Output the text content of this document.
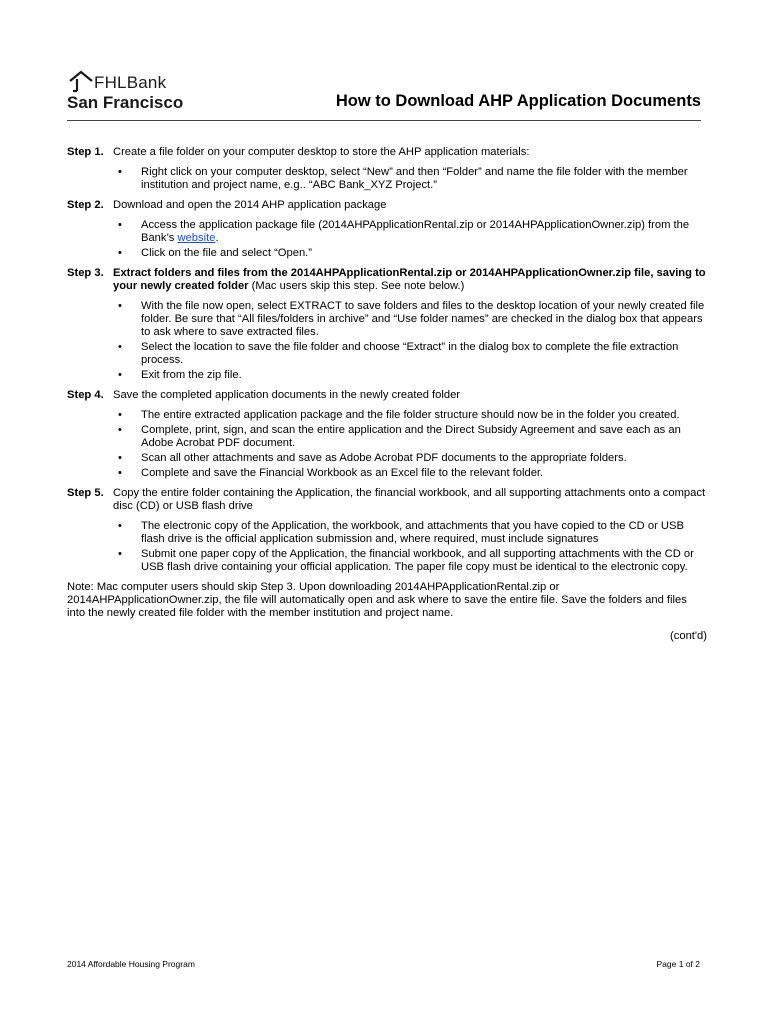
FHLBank
San Francisco	How to Download AHP Application Documents
Step 1. Create a file folder on your computer desktop to store the AHP application materials:
• Right click on your computer desktop, select “New” and then “Folder” and name the file folder with the member institution and project name, e.g.. “ABC Bank_XYZ Project.”
Step 2. Download and open the 2014 AHP application package
• Access the application package file (2014AHPApplicationRental.zip or 2014AHPApplicationOwner.zip) from the Bank’s website.
• Click on the file and select “Open.”
Step 3. Extract folders and files from the 2014AHPApplicationRental.zip or 2014AHPApplicationOwner.zip file, saving to your newly created folder (Mac users skip this step. See note below.)
• With the file now open, select EXTRACT to save folders and files to the desktop location of your newly created file folder. Be sure that “All files/folders in archive” and “Use folder names” are checked in the dialog box that appears to ask where to save extracted files.
• Select the location to save the file folder and choose “Extract” in the dialog box to complete the file extraction process.
• Exit from the zip file.
Step 4. Save the completed application documents in the newly created folder
• The entire extracted application package and the file folder structure should now be in the folder you created.
• Complete, print, sign, and scan the entire application and the Direct Subsidy Agreement and save each as an Adobe Acrobat PDF document.
• Scan all other attachments and save as Adobe Acrobat PDF documents to the appropriate folders.
• Complete and save the Financial Workbook as an Excel file to the relevant folder.
Step 5. Copy the entire folder containing the Application, the financial workbook, and all supporting attachments onto a compact disc (CD) or USB flash drive
• The electronic copy of the Application, the workbook, and attachments that you have copied to the CD or USB flash drive is the official application submission and, where required, must include signatures
• Submit one paper copy of the Application, the financial workbook, and all supporting attachments with the CD or USB flash drive containing your official application. The paper file copy must be identical to the electronic copy.

Note: Mac computer users should skip Step 3. Upon downloading 2014AHPApplicationRental.zip or 2014AHPApplicationOwner.zip, the file will automatically open and ask where to save the entire file. Save the folders and files into the newly created file folder with the member institution and project name.

(cont'd)

2014 Affordable Housing Program	Page 1 of 2
